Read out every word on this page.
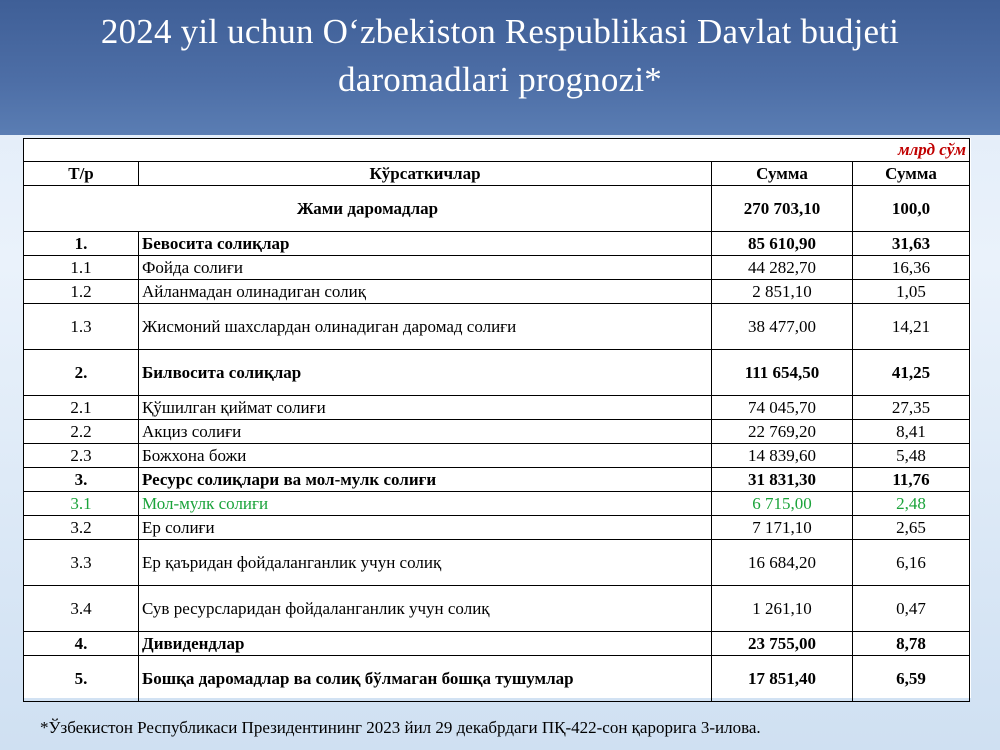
2024 yil uchun O‘zbekiston Respublikasi Davlat budjeti
daromadlari prognozi*
млрд сўм			
Т/р	Кўрсаткичлар	Сумма	Сумма
Жами даромадлар		270 703,10	100,0
1.	Бевосита солиқлар	85 610,90	31,63
1.1	Фойда солиғи	44 282,70	16,36
1.2	Айланмадан олинадиган солиқ	2 851,10	1,05
1.3	Жисмоний шахслардан олинадиган даромад солиғи	38 477,00	14,21
2.	Билвосита солиқлар	111 654,50	41,25
2.1	Қўшилган қиймат солиғи	74 045,70	27,35
2.2	Акциз солиғи	22 769,20	8,41
2.3	Божхона божи	14 839,60	5,48
3.	Ресурс солиқлари ва мол-мулк солиғи	31 831,30	11,76
3.1	Мол-мулк солиғи	6 715,00	2,48
3.2	Ер солиғи	7 171,10	2,65
3.3	Ер қаъридан фойдаланганлик учун солиқ	16 684,20	6,16
3.4	Сув ресурсларидан фойдаланганлик учун солиқ	1 261,10	0,47
4.	Дивидендлар	23 755,00	8,78
5.	Бошқа даромадлар ва солиқ бўлмаган бошқа тушумлар	17 851,40	6,59
*Ўзбекистон Республикаси Президентининг 2023 йил 29 декабрдаги ПҚ-422-сон қарорига 3-илова.
